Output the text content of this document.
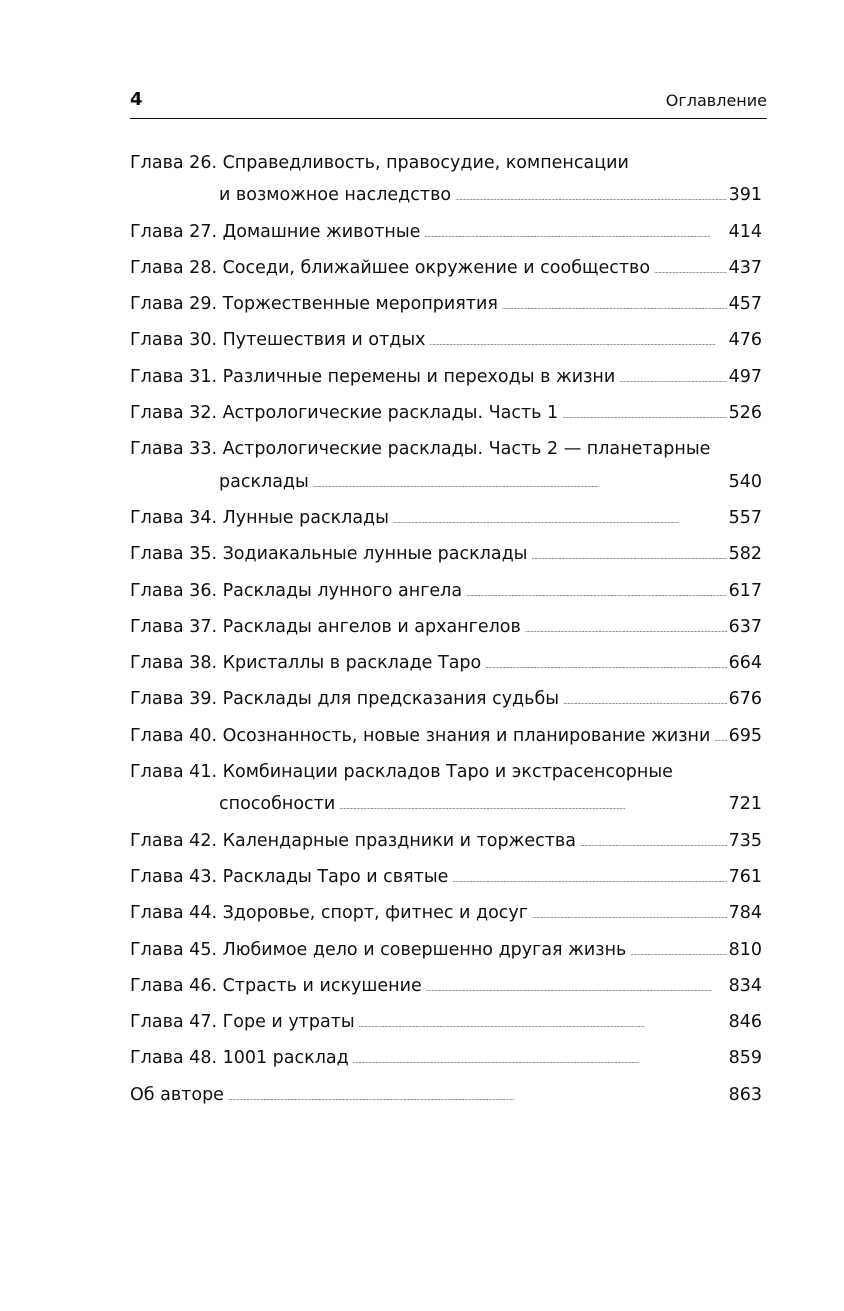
4	Оглавление
Глава 26. Справедливость, правосудие, компенсации
и возможное наследство . . .	391
Глава 27. Домашние животные . . .	414
Глава 28. Соседи, ближайшее окружение и сообщество . . .	437
Глава 29. Торжественные мероприятия . . .	457
Глава 30. Путешествия и отдых . . .	476
Глава 31. Различные перемены и переходы в жизни . . .	497
Глава 32. Астрологические расклады. Часть 1 . . .	526
Глава 33. Астрологические расклады. Часть 2 — планетарные
расклады . . .	540
Глава 34. Лунные расклады . . .	557
Глава 35. Зодиакальные лунные расклады . . .	582
Глава 36. Расклады лунного ангела . . .	617
Глава 37. Расклады ангелов и архангелов . . .	637
Глава 38. Кристаллы в раскладе Таро . . .	664
Глава 39. Расклады для предсказания судьбы . . .	676
Глава 40. Осознанность, новые знания и планирование жизни . . . 695
Глава 41. Комбинации раскладов Таро и экстрасенсорные
способности . . .	721
Глава 42. Календарные праздники и торжества . . .	735
Глава 43. Расклады Таро и святые . . .	761
Глава 44. Здоровье, спорт, фитнес и досуг . . .	784
Глава 45. Любимое дело и совершенно другая жизнь . . .	810
Глава 46. Страсть и искушение . . .	834
Глава 47. Горе и утраты . . .	846
Глава 48. 1001 расклад . . .	859
Об авторе . . .	863
